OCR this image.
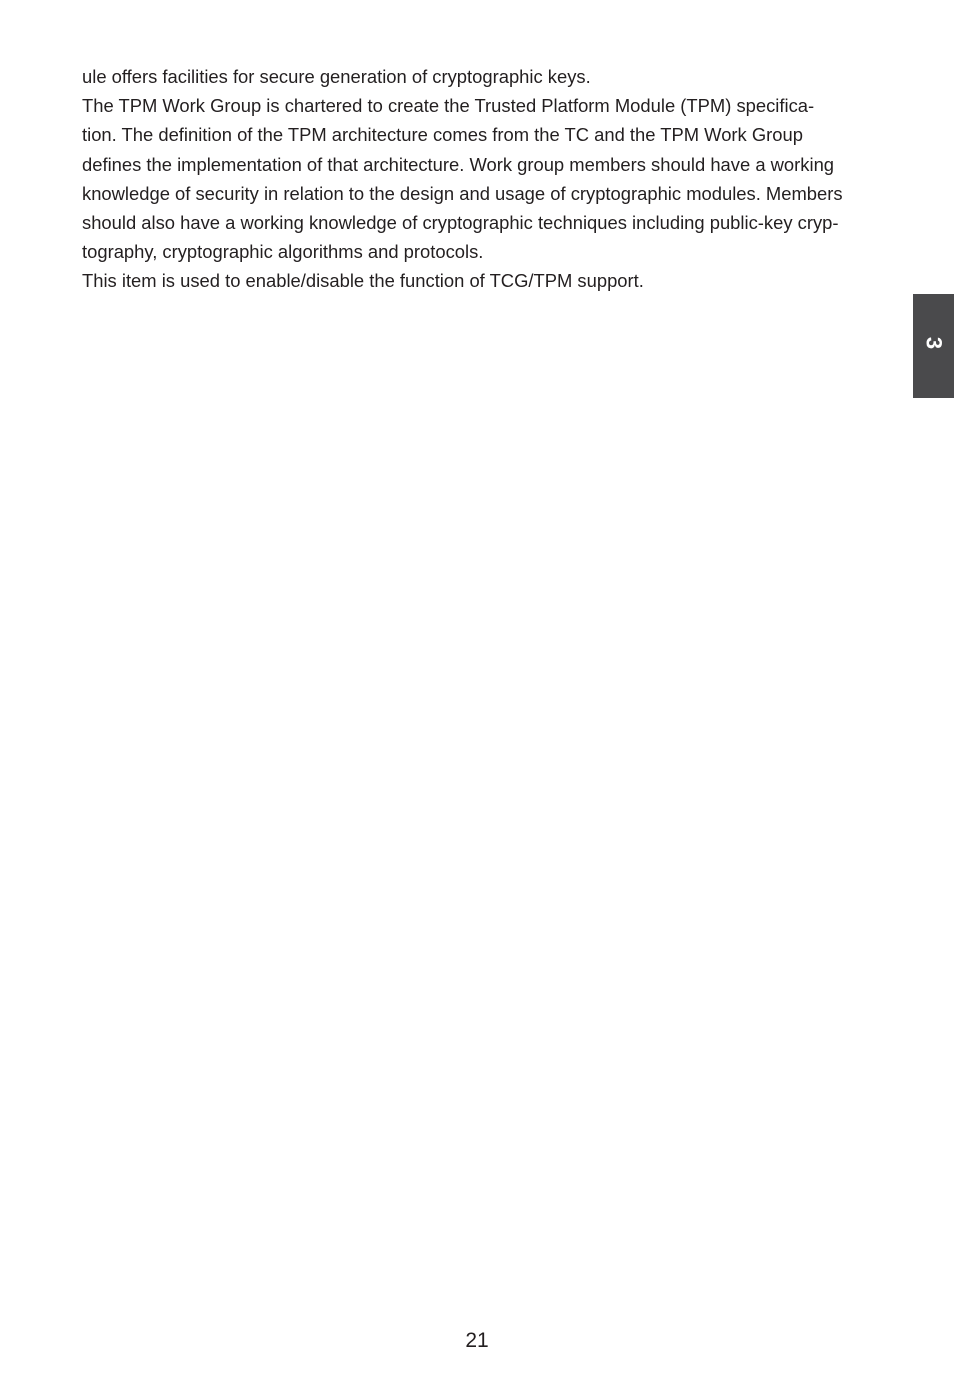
ule offers facilities for secure generation of cryptographic keys.

The TPM Work Group is chartered to create the Trusted Platform Module (TPM) specifica-

tion. The definition of the TPM architecture comes from the TC and the TPM Work Group

defines the implementation of that architecture. Work group members should have a working

knowledge of security in relation to the design and usage of cryptographic modules. Members

should also have a working knowledge of cryptographic techniques including public-key cryp-

tography, cryptographic algorithms and protocols.

This item is used to enable/disable the function of TCG/TPM support.

3
21
